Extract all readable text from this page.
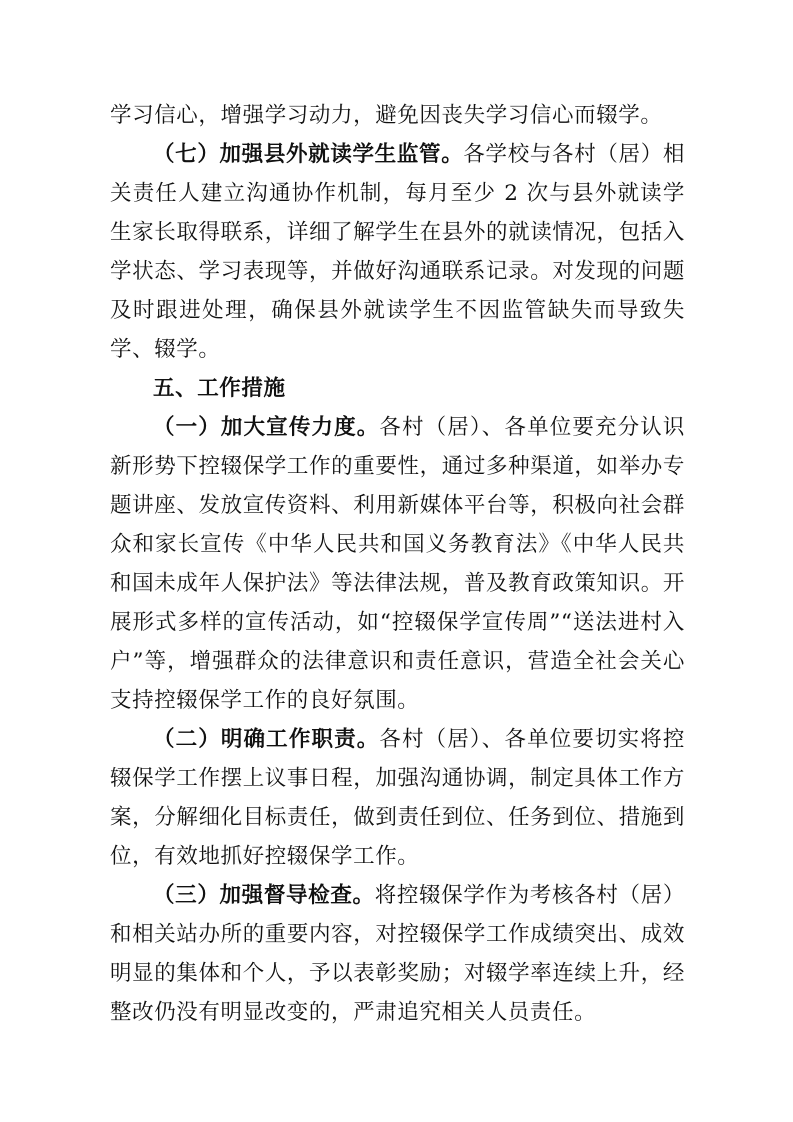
学习信心，增强学习动力，避免因丧失学习信心而辍学。

（七）加强县外就读学生监管。各学校与各村（居）相关责任人建立沟通协作机制，每月至少 2 次与县外就读学生家长取得联系，详细了解学生在县外的就读情况，包括入学状态、学习表现等，并做好沟通联系记录。对发现的问题及时跟进处理，确保县外就读学生不因监管缺失而导致失学、辍学。

五、工作措施

（一）加大宣传力度。各村（居）、各单位要充分认识新形势下控辍保学工作的重要性，通过多种渠道，如举办专题讲座、发放宣传资料、利用新媒体平台等，积极向社会群众和家长宣传《中华人民共和国义务教育法》《中华人民共和国未成年人保护法》等法律法规，普及教育政策知识。开展形式多样的宣传活动，如“控辍保学宣传周”“送法进村入户”等，增强群众的法律意识和责任意识，营造全社会关心支持控辍保学工作的良好氛围。

（二）明确工作职责。各村（居）、各单位要切实将控辍保学工作摆上议事日程，加强沟通协调，制定具体工作方案，分解细化目标责任，做到责任到位、任务到位、措施到位，有效地抓好控辍保学工作。

（三）加强督导检查。将控辍保学作为考核各村（居）和相关站办所的重要内容，对控辍保学工作成绩突出、成效明显的集体和个人，予以表彰奖励；对辍学率连续上升，经整改仍没有明显改变的，严肃追究相关人员责任。
